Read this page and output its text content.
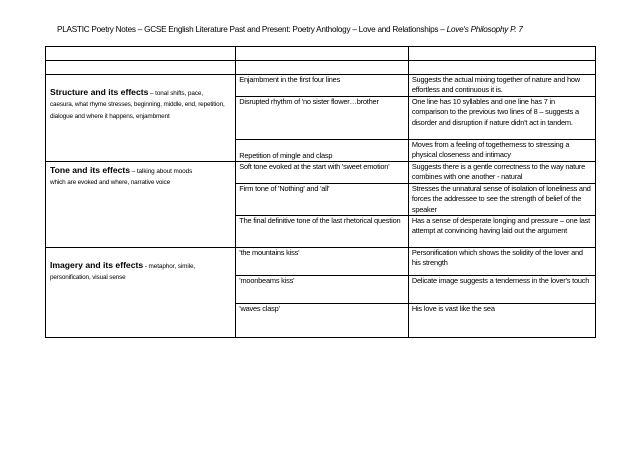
PLASTIC Poetry Notes – GCSE English Literature Past and Present: Poetry Anthology – Love and Relationships – Love's Philosophy P. 7

Structure and its effects – tonal shifts, pace,
caesura, what rhyme stresses, beginning, middle, end, repetition, dialogue and where it happens, enjambment	Enjambment in the first four lines	Suggests the actual mixing together of nature and how effortless and continuous it is.
	Disrupted rhythm of 'no sister flower…brother	One line has 10 syllables and one line has 7 in comparison to the previous two lines of 8 – suggests a disorder and disruption if nature didn't act in tandem.
	Repetition of mingle and clasp	Moves from a feeling of togetherness to stressing a physical closeness and intimacy
Tone and its effects – talking about moods
which are evoked and where, narrative voice	Soft tone evoked at the start with 'sweet emotion'	Suggests there is a gentle correctness to the way nature combines with one another - natural
	Firm tone of 'Nothing' and 'all'	Stresses the unnatural sense of isolation of loneliness and forces the addressee to see the strength of belief of the speaker
	The final definitive tone of the last rhetorical question	Has a sense of desperate longing and pressure – one last attempt at convincing having laid out the argument
Imagery and its effects - metaphor, simile,
personification, visual sense	'the mountains kiss'	Personification which shows the solidity of the lover and his strength
	'moonbeams kiss'	Delicate image suggests a tenderness in the lover's touch
	'waves clasp'	His love is vast like the sea
